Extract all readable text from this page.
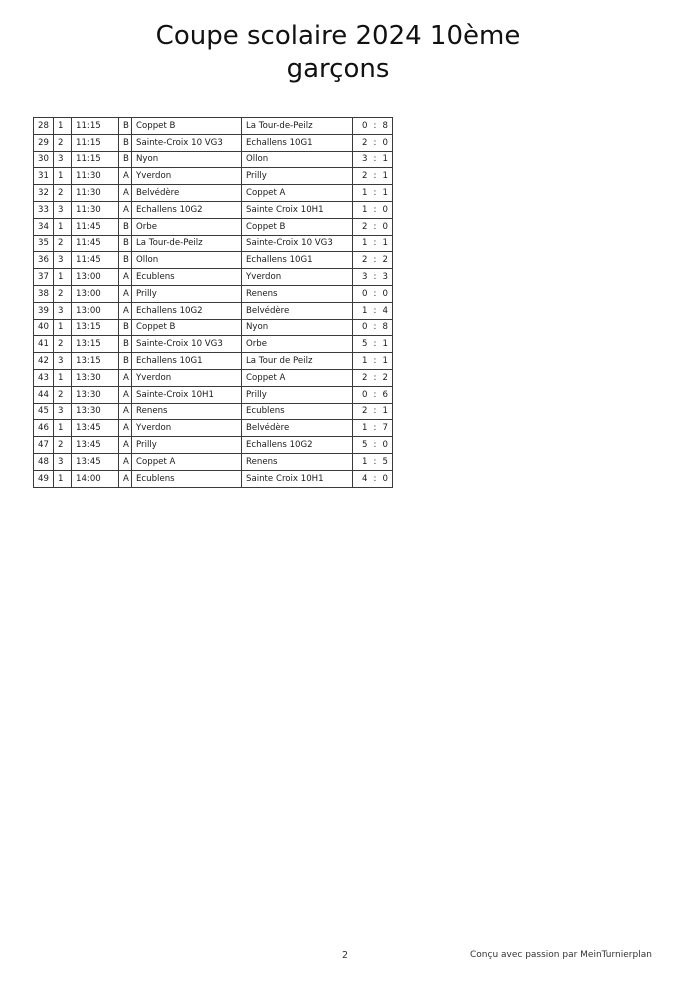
Coupe scolaire 2024 10ème
garçons
28	1	11:15	B	Coppet B	La Tour-de-Peilz	0 : 8

29	2	11:15	B	Sainte-Croix 10 VG3	Echallens 10G1	2 : 0

30	3	11:15	B	Nyon	Ollon	3 : 1

31	1	11:30	A	Yverdon	Prilly	2 : 1

32	2	11:30	A	Belvédère	Coppet A	1 : 1

33	3	11:30	A	Echallens 10G2	Sainte Croix 10H1	1 : 0

34	1	11:45	B	Orbe	Coppet B	2 : 0

35	2	11:45	B	La Tour-de-Peilz	Sainte-Croix 10 VG3	1 : 1

36	3	11:45	B	Ollon	Echallens 10G1	2 : 2

37	1	13:00	A	Ecublens	Yverdon	3 : 3

38	2	13:00	A	Prilly	Renens	0 : 0

39	3	13:00	A	Echallens 10G2	Belvédère	1 : 4

40	1	13:15	B	Coppet B	Nyon	0 : 8

41	2	13:15	B	Sainte-Croix 10 VG3	Orbe	5 : 1

42	3	13:15	B	Echallens 10G1	La Tour de Peilz	1 : 1

43	1	13:30	A	Yverdon	Coppet A	2 : 2

44	2	13:30	A	Sainte-Croix 10H1	Prilly	0 : 6

45	3	13:30	A	Renens	Ecublens	2 : 1

46	1	13:45	A	Yverdon	Belvédère	1 : 7

47	2	13:45	A	Prilly	Echallens 10G2	5 : 0

48	3	13:45	A	Coppet A	Renens	1 : 5

49	1	14:00	A	Ecublens	Sainte Croix 10H1	4 : 0
2	Conçu avec passion par MeinTurnierplan
